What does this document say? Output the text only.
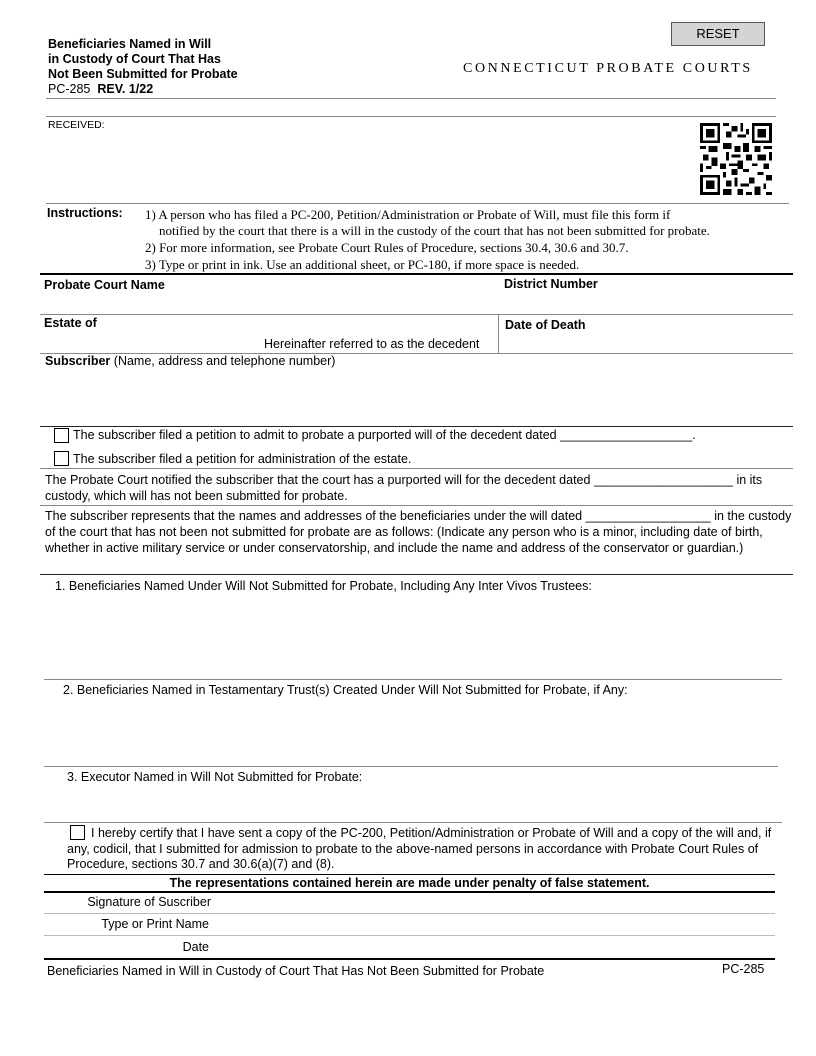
Beneficiaries Named in Will
in Custody of Court That Has
Not Been Submitted for Probate
PC-285 REV. 1/22
RESET
CONNECTICUT PROBATE COURTS
RECEIVED:
Instructions: 1) A person who has filed a PC-200, Petition/Administration or Probate of Will, must file this form if
notified by the court that there is a will in the custody of the court that has not been submitted for probate.
2) For more information, see Probate Court Rules of Procedure, sections 30.4, 30.6 and 30.7.
3) Type or print in ink. Use an additional sheet, or PC-180, if more space is needed.
Probate Court Name	District Number
Estate of
Hereinafter referred to as the decedent
Date of Death
Subscriber (Name, address and telephone number)
The subscriber filed a petition to admit to probate a purported will of the decedent dated ___________________.
The subscriber filed a petition for administration of the estate.
The Probate Court notified the subscriber that the court has a purported will for the decedent dated ____________________ in its custody, which will has not been submitted for probate.
The subscriber represents that the names and addresses of the beneficiaries under the will dated __________________ in the custody of the court that has not been not submitted for probate are as follows: (Indicate any person who is a minor, including date of birth, whether in active military service or under conservatorship, and include the name and address of the conservator or guardian.)
1. Beneficiaries Named Under Will Not Submitted for Probate, Including Any Inter Vivos Trustees:
2. Beneficiaries Named in Testamentary Trust(s) Created Under Will Not Submitted for Probate, if Any:
3. Executor Named in Will Not Submitted for Probate:
I hereby certify that I have sent a copy of the PC-200, Petition/Administration or Probate of Will and a copy of the will and, if any, codicil, that I submitted for admission to probate to the above-named persons in accordance with Probate Court Rules of Procedure, sections 30.7 and 30.6(a)(7) and (8).
The representations contained herein are made under penalty of false statement.
Signature of Suscriber
Type or Print Name
Date
Beneficiaries Named in Will in Custody of Court That Has Not Been Submitted for Probate	PC-285
